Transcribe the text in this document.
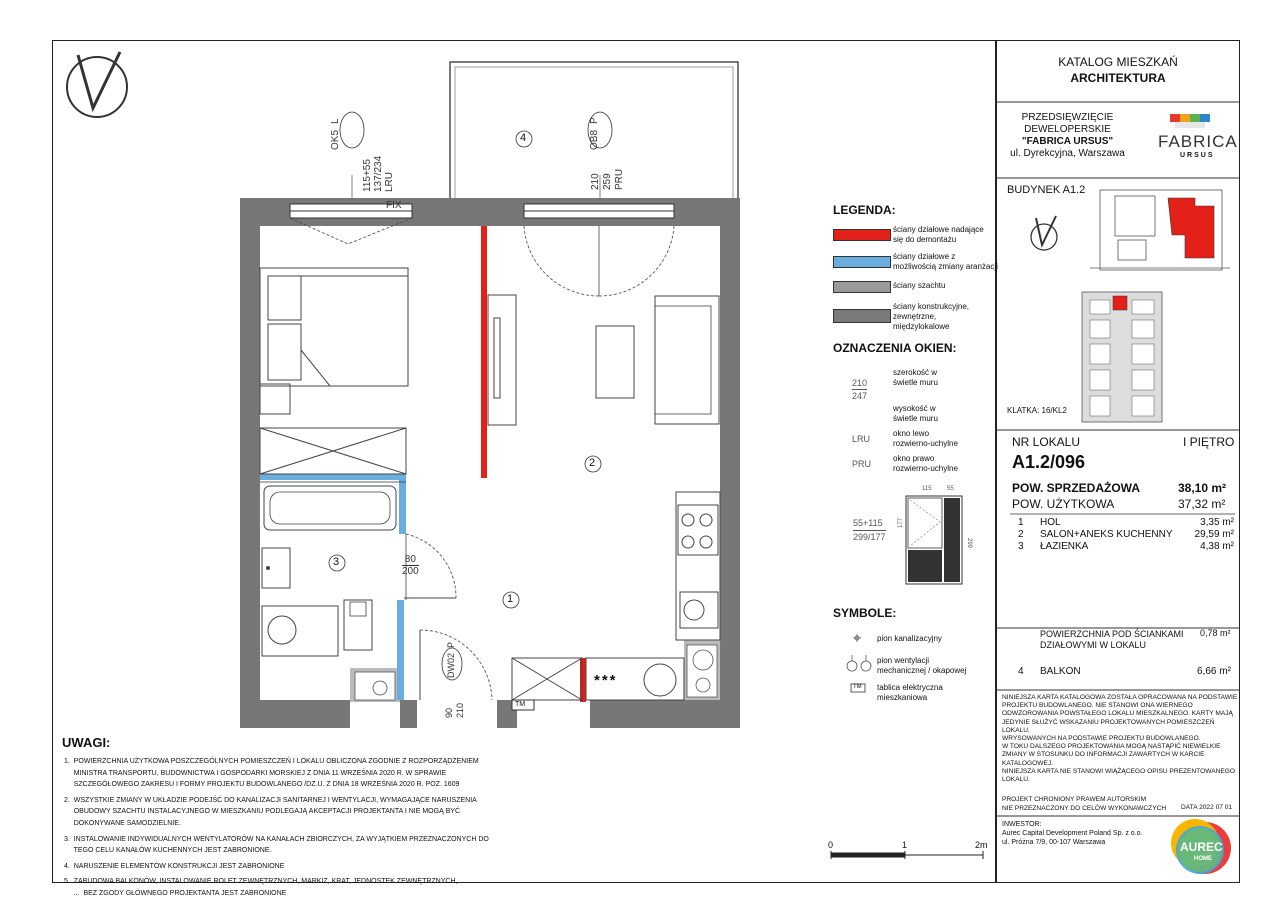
1
2
3
4
OK5
L
115+55 137/234 LRU
OB8
P
210 259 PRU
FIX
80
200
DW02
P
90 210
***
TM
LEGENDA:
ściany działowe nadające
się do demontażu
ściany działowe z
możliwością zmiany aranżacji
ściany szachtu
ściany konstrukcyjne,
zewnętrzne,
międzylokalowe
OZNACZENIA OKIEN:
210
247
szerokość w
świetle muru
wysokość w
świetle muru
LRU
okno lewo
rozwierno-uchylne
PRU
okno prawo
rozwierno-uchylne
55+115
299/177
115	55
177
299
SYMBOLE:
pion kanalizacyjny
pion wentylacji
mechanicznej / okapowej
tablica elektryczna
mieszkaniowa
TM
0	1	2m
UWAGI:
1.  POWIERZCHNIA UŻYTKOWA POSZCZEGÓLNYCH POMIESZCZEŃ I LOKALU OBLICZONA ZGODNIE Z ROZPORZĄDZENIEM
MINISTRA TRANSPORTU, BUDOWNICTWA I GOSPODARKI MORSKIEJ Z DNIA 11 WRZEŚNIA 2020 R. W SPRAWIE
SZCZEGÓŁOWEGO ZAKRESU I FORMY PROJEKTU BUDOWLANEGO /DZ.U. Z DNIA 18 WRZEŚNIA 2020 R. POZ. 1609
2.  WSZYSTKIE ZMIANY W UKŁADZIE PODEJŚĆ DO KANALIZACJI SANITARNEJ I WENTYLACJI, WYMAGAJĄCE NARUSZENIA
OBUDOWY SZACHTU INSTALACYJNEGO W MIESZKANIU PODLEGAJĄ AKCEPTACJI PROJEKTANTA I NIE MOGĄ BYĆ
DOKONYWANE SAMODZIELNIE.
3.  INSTALOWANIE INDYWIDUALNYCH WENTYLATORÓW NA KANAŁACH ZBIORCZYCH, ZA WYJĄTKIEM PRZEZNACZONYCH DO
TEGO CELU KANAŁÓW KUCHENNYCH JEST ZABRONIONE.
4.  NARUSZENIE ELEMENTÓW KONSTRUKCJI JEST ZABRONIONE
5.  ZABUDOWA BALKONÓW, INSTALOWANIE ROLET ZEWNĘTRZNYCH, MARKIZ, KRAT, JEDNOSTEK ZEWNĘTRZNYCH,
...  BEZ ZGODY GŁÓWNEGO PROJEKTANTA JEST ZABRONIONE
KATALOG MIESZKAŃ
ARCHITEKTURA
PRZEDSIĘWZIĘCIE
DEWELOPERSKIE
"FABRICA URSUS"
ul. Dyrekcyjna, Warszawa
FABRICA
URSUS
BUDYNEK A1.2
KLATKA: 16/KL2
NR LOKALU	I PIĘTRO
A1.2/096
POW. SPRZEDAŻOWA	38,10 m²
POW. UŻYTKOWA	37,32 m²
1	HOL	3,35 m²
2	SALON+ANEKS KUCHENNY	29,59 m²
3	ŁAZIENKA	4,38 m²
POWIERZCHNIA POD ŚCIANKAMI
DZIAŁOWYMI W LOKALU
0,78 m²
4 BALKON	6,66 m²
NINIEJSZA KARTA KATALOGOWA ZOSTAŁA OPRACOWANA NA PODSTAWIE
PROJEKTU BUDOWLANEGO. NIE STANOWI ONA WIERNEGO
ODWZOROWANIA POWSTAŁEGO LOKALU MIESZKALNEGO. KARTY MAJĄ
JEDYNIE SŁUŻYĆ WSKAZANIU PROJEKTOWANYCH POMIESZCZEŃ LOKALU,
WRYSOWANYCH NA PODSTAWIE PROJEKTU BUDOWLANEGO.
W TOKU DALSZEGO PROJEKTOWANIA MOGĄ NASTĄPIĆ NIEWIELKIE
ZMIANY W STOSUNKU DO INFORMACJI ZAWARTYCH W KARCIE
KATALOGOWEJ.
NINIEJSZA KARTA NIE STANOWI WIĄŻĄCEGO OPISU PREZENTOWANEGO
LOKALU.
PROJEKT CHRONIONY PRAWEM AUTORSKIM
NIE PRZEZNACZONY DO CELÓW WYKONAWCZYCH DATA 2022 07 01
INWESTOR:
Aurec Capital Development Poland Sp. z o.o.
ul. Próżna 7/9, 00-107 Warszawa	AUREC
HOME
